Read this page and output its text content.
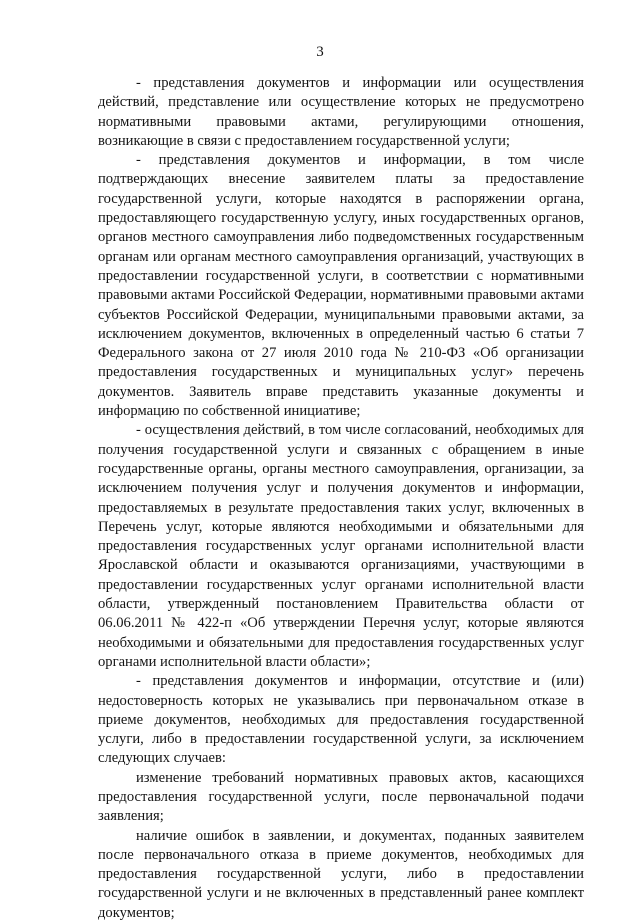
3

- представления документов и информации или осуществления действий, представление или осуществление которых не предусмотрено нормативными правовыми актами, регулирующими отношения, возникающие в связи с предоставлением государственной услуги;

- представления документов и информации, в том числе подтверждающих внесение заявителем платы за предоставление государственной услуги, которые находятся в распоряжении органа, предоставляющего государственную услугу, иных государственных органов, органов местного самоуправления либо подведомственных государственным органам или органам местного самоуправления организаций, участвующих в предоставлении государственной услуги, в соответствии с нормативными правовыми актами Российской Федерации, нормативными правовыми актами субъектов Российской Федерации, муниципальными правовыми актами, за исключением документов, включенных в определенный частью 6 статьи 7 Федерального закона от 27 июля 2010 года № 210-ФЗ «Об организации предоставления государственных и муниципальных услуг» перечень документов. Заявитель вправе представить указанные документы и информацию по собственной инициативе;

- осуществления действий, в том числе согласований, необходимых для получения государственной услуги и связанных с обращением в иные государственные органы, органы местного самоуправления, организации, за исключением получения услуг и получения документов и информации, предоставляемых в результате предоставления таких услуг, включенных в Перечень услуг, которые являются необходимыми и обязательными для предоставления государственных услуг органами исполнительной власти Ярославской области и оказываются организациями, участвующими в предоставлении государственных услуг органами исполнительной власти области, утвержденный постановлением Правительства области от 06.06.2011 № 422-п «Об утверждении Перечня услуг, которые являются необходимыми и обязательными для предоставления государственных услуг органами исполнительной власти области»;

- представления документов и информации, отсутствие и (или) недостоверность которых не указывались при первоначальном отказе в приеме документов, необходимых для предоставления государственной услуги, либо в предоставлении государственной услуги, за исключением следующих случаев:

изменение требований нормативных правовых актов, касающихся предоставления государственной услуги, после первоначальной подачи заявления;

наличие ошибок в заявлении, и документах, поданных заявителем после первоначального отказа в приеме документов, необходимых для предоставления государственной услуги, либо в предоставлении государственной услуги и не включенных в представленный ранее комплект документов;
